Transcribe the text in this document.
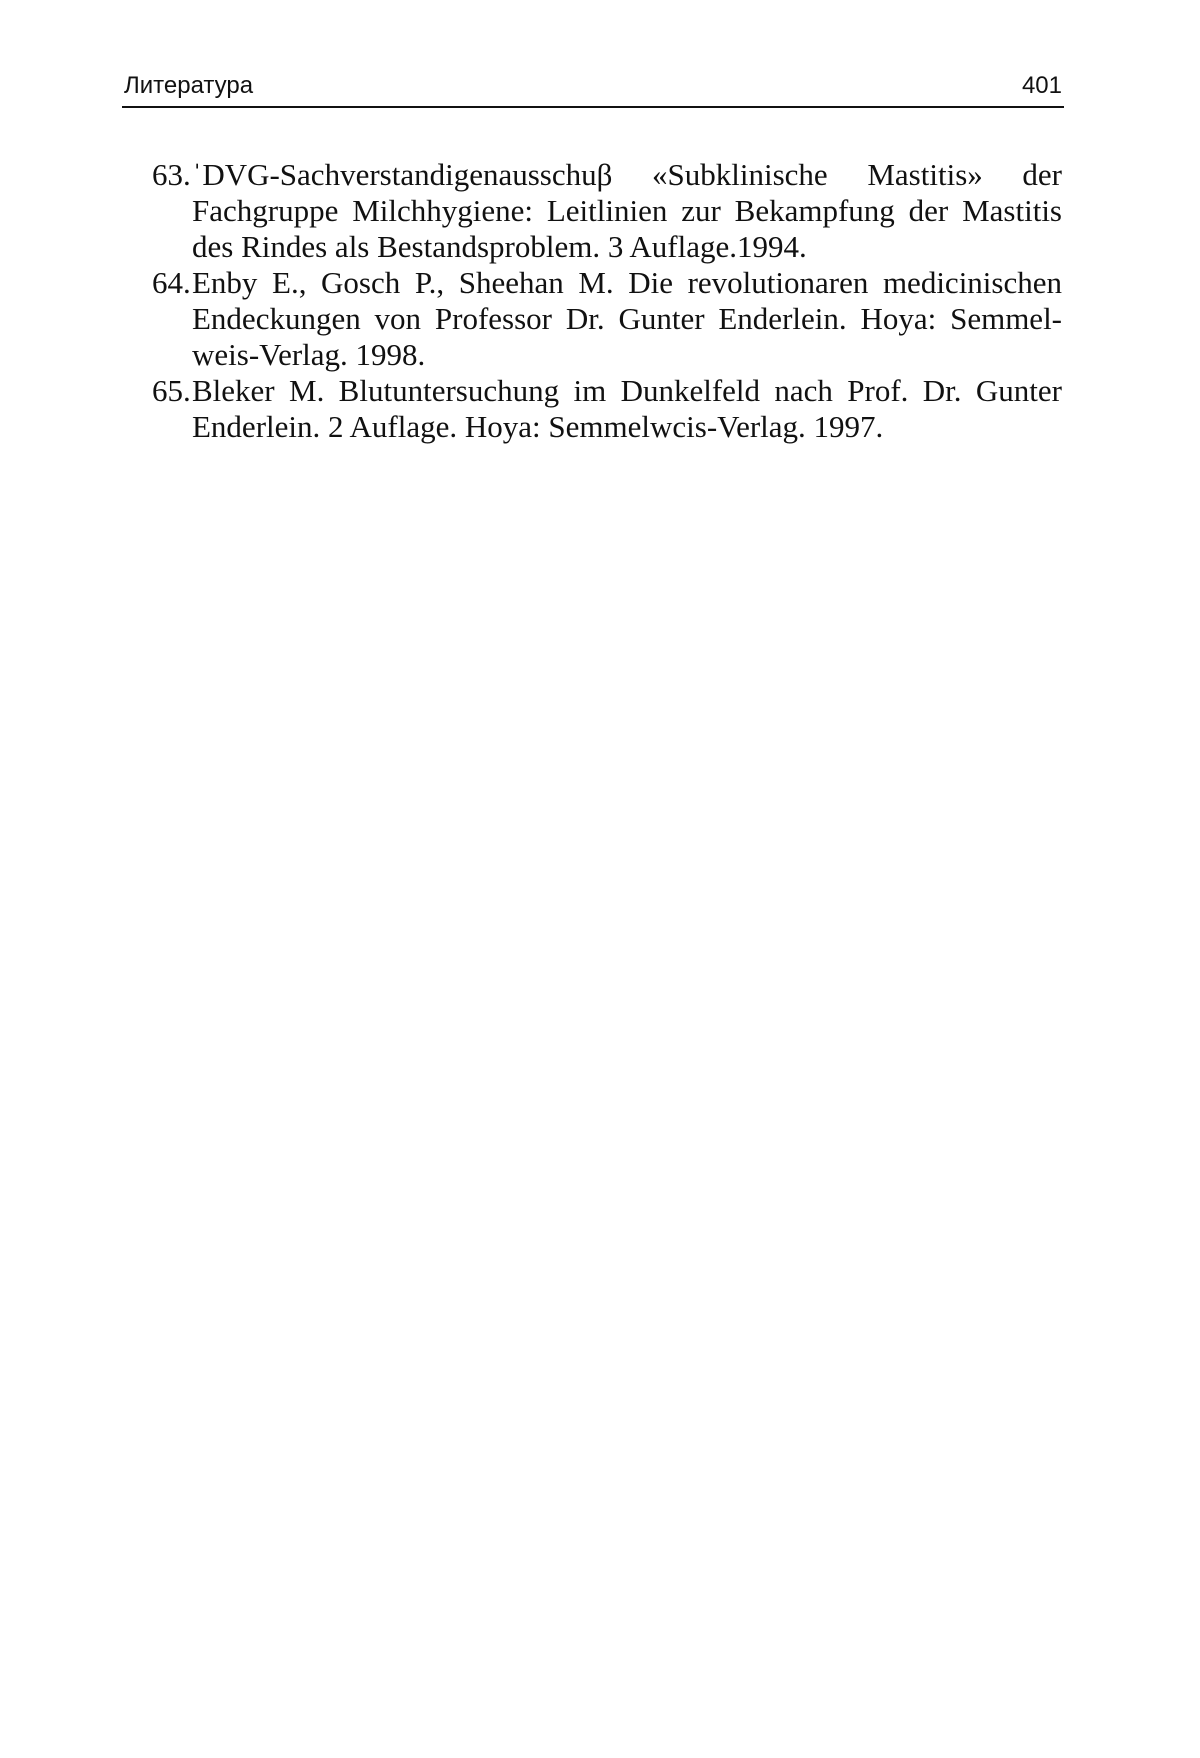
Литература	401
63. ˈDVG-Sachverstandigenausschuβ «Subklinische Mastitis» der Fachgruppe Milchhygiene: Leitlinien zur Bekampfung der Mastitis des Rindes als Bestandsproblem. 3 Auflage.1994.
64. Enby E., Gosch P., Sheehan M. Die revolutionaren medicinischen Endeckungen von Professor Dr. Gunter Enderlein. Hoya: Semmel-weis-Verlag. 1998.
65. Bleker M. Blutuntersuchung im Dunkelfeld nach Prof. Dr. Gunter Enderlein. 2 Auflage. Hoya: Semmelwcis-Verlag. 1997.
